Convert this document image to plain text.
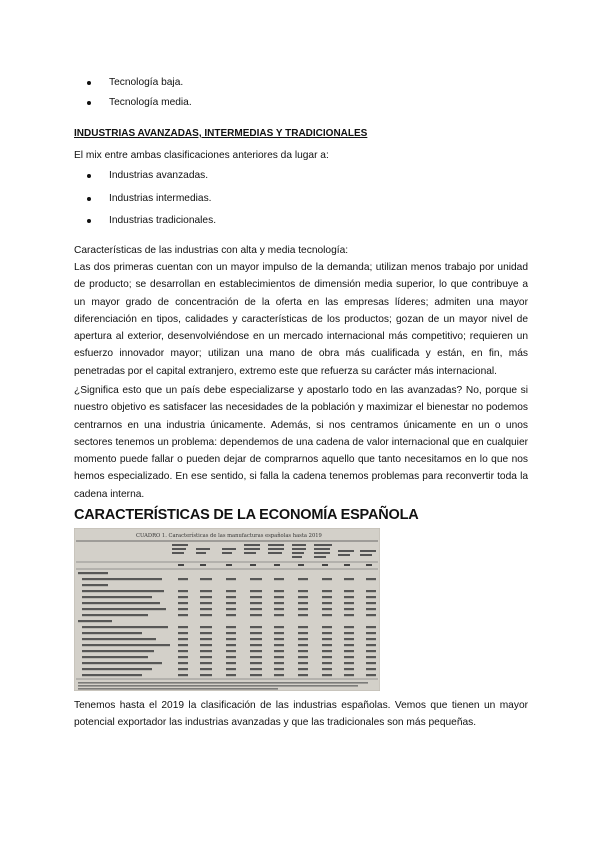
Tecnología baja.
Tecnología media.
INDUSTRIAS AVANZADAS, INTERMEDIAS Y TRADICIONALES
El mix entre ambas clasificaciones anteriores da lugar a:
Industrias avanzadas.
Industrias intermedias.
Industrias tradicionales.
Características de las industrias con alta y media tecnología:
Las dos primeras cuentan con un mayor impulso de la demanda; utilizan menos trabajo por unidad de producto; se desarrollan en establecimientos de dimensión media superior, lo que contribuye a un mayor grado de concentración de la oferta en las empresas líderes; admiten una mayor diferenciación en tipos, calidades y características de los productos; gozan de un mayor nivel de apertura al exterior, desenvolviéndose en un mercado internacional más competitivo; requieren un esfuerzo innovador mayor; utilizan una mano de obra más cualificada y están, en fin, más penetradas por el capital extranjero, extremo este que refuerza su carácter más internacional.
¿Significa esto que un país debe especializarse y apostarlo todo en las avanzadas? No, porque si nuestro objetivo es satisfacer las necesidades de la población y maximizar el bienestar no podemos centrarnos en una industria únicamente. Además, si nos centramos únicamente en un o unos sectores tenemos un problema: dependemos de una cadena de valor internacional que en cualquier momento puede fallar o pueden dejar de comprarnos aquello que tanto necesitamos en lo que nos hemos especializado. En ese sentido, si falla la cadena tenemos problemas para reconvertir toda la cadena interna.
CARACTERÍSTICAS DE LA ECONOMÍA ESPAÑOLA
CUADRO 1. Características de las manufacturas españolas hasta 2019
Tenemos hasta el 2019 la clasificación de las industrias españolas. Vemos que tienen un mayor potencial exportador las industrias avanzadas y que las tradicionales son más pequeñas.
